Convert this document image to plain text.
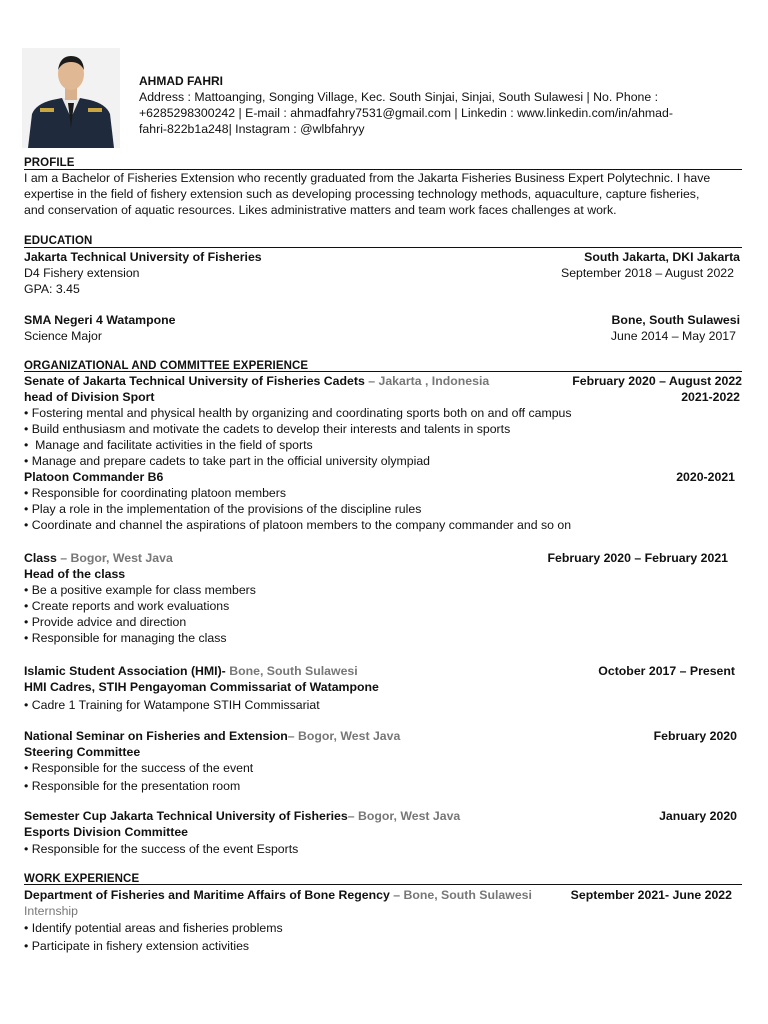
AHMAD FAHRI
Address : Mattoanging, Songing Village, Kec. South Sinjai, Sinjai, South Sulawesi | No. Phone :
+6285298300242 | E-mail : ahmadfahry7531@gmail.com | Linkedin : www.linkedin.com/in/ahmad-
fahri-822b1a248| Instagram : @wlbfahryy
PROFILE
I am a Bachelor of Fisheries Extension who recently graduated from the Jakarta Fisheries Business Expert Polytechnic. I have
expertise in the field of fishery extension such as developing processing technology methods, aquaculture, capture fisheries,
and conservation of aquatic resources. Likes administrative matters and team work faces challenges at work.
EDUCATION
Jakarta Technical University of Fisheries	South Jakarta, DKI Jakarta
D4 Fishery extension	September 2018 – August 2022
GPA: 3.45
SMA Negeri 4 Watampone	Bone, South Sulawesi
Science Major	June 2014 – May 2017
ORGANIZATIONAL AND COMMITTEE EXPERIENCE
Senate of Jakarta Technical University of Fisheries Cadets – Jakarta , Indonesia	February 2020 – August 2022
head of Division Sport	2021-2022
• Fostering mental and physical health by organizing and coordinating sports both on and off campus
• Build enthusiasm and motivate the cadets to develop their interests and talents in sports
•  Manage and facilitate activities in the field of sports
• Manage and prepare cadets to take part in the official university olympiad
Platoon Commander B6	2020-2021
• Responsible for coordinating platoon members
• Play a role in the implementation of the provisions of the discipline rules
• Coordinate and channel the aspirations of platoon members to the company commander and so on
Class – Bogor, West Java	February 2020 – February 2021
Head of the class
• Be a positive example for class members
• Create reports and work evaluations
• Provide advice and direction
• Responsible for managing the class
Islamic Student Association (HMI)- Bone, South Sulawesi	October 2017 – Present
HMI Cadres, STIH Pengayoman Commissariat of Watampone
• Cadre 1 Training for Watampone STIH Commissariat
National Seminar on Fisheries and Extension– Bogor, West Java	February 2020
Steering Committee
• Responsible for the success of the event
• Responsible for the presentation room
Semester Cup Jakarta Technical University of Fisheries– Bogor, West Java	January 2020
Esports Division Committee
• Responsible for the success of the event Esports
WORK EXPERIENCE
Department of Fisheries and Maritime Affairs of Bone Regency – Bone, South Sulawesi	September 2021- June 2022
Internship
• Identify potential areas and fisheries problems
• Participate in fishery extension activities
